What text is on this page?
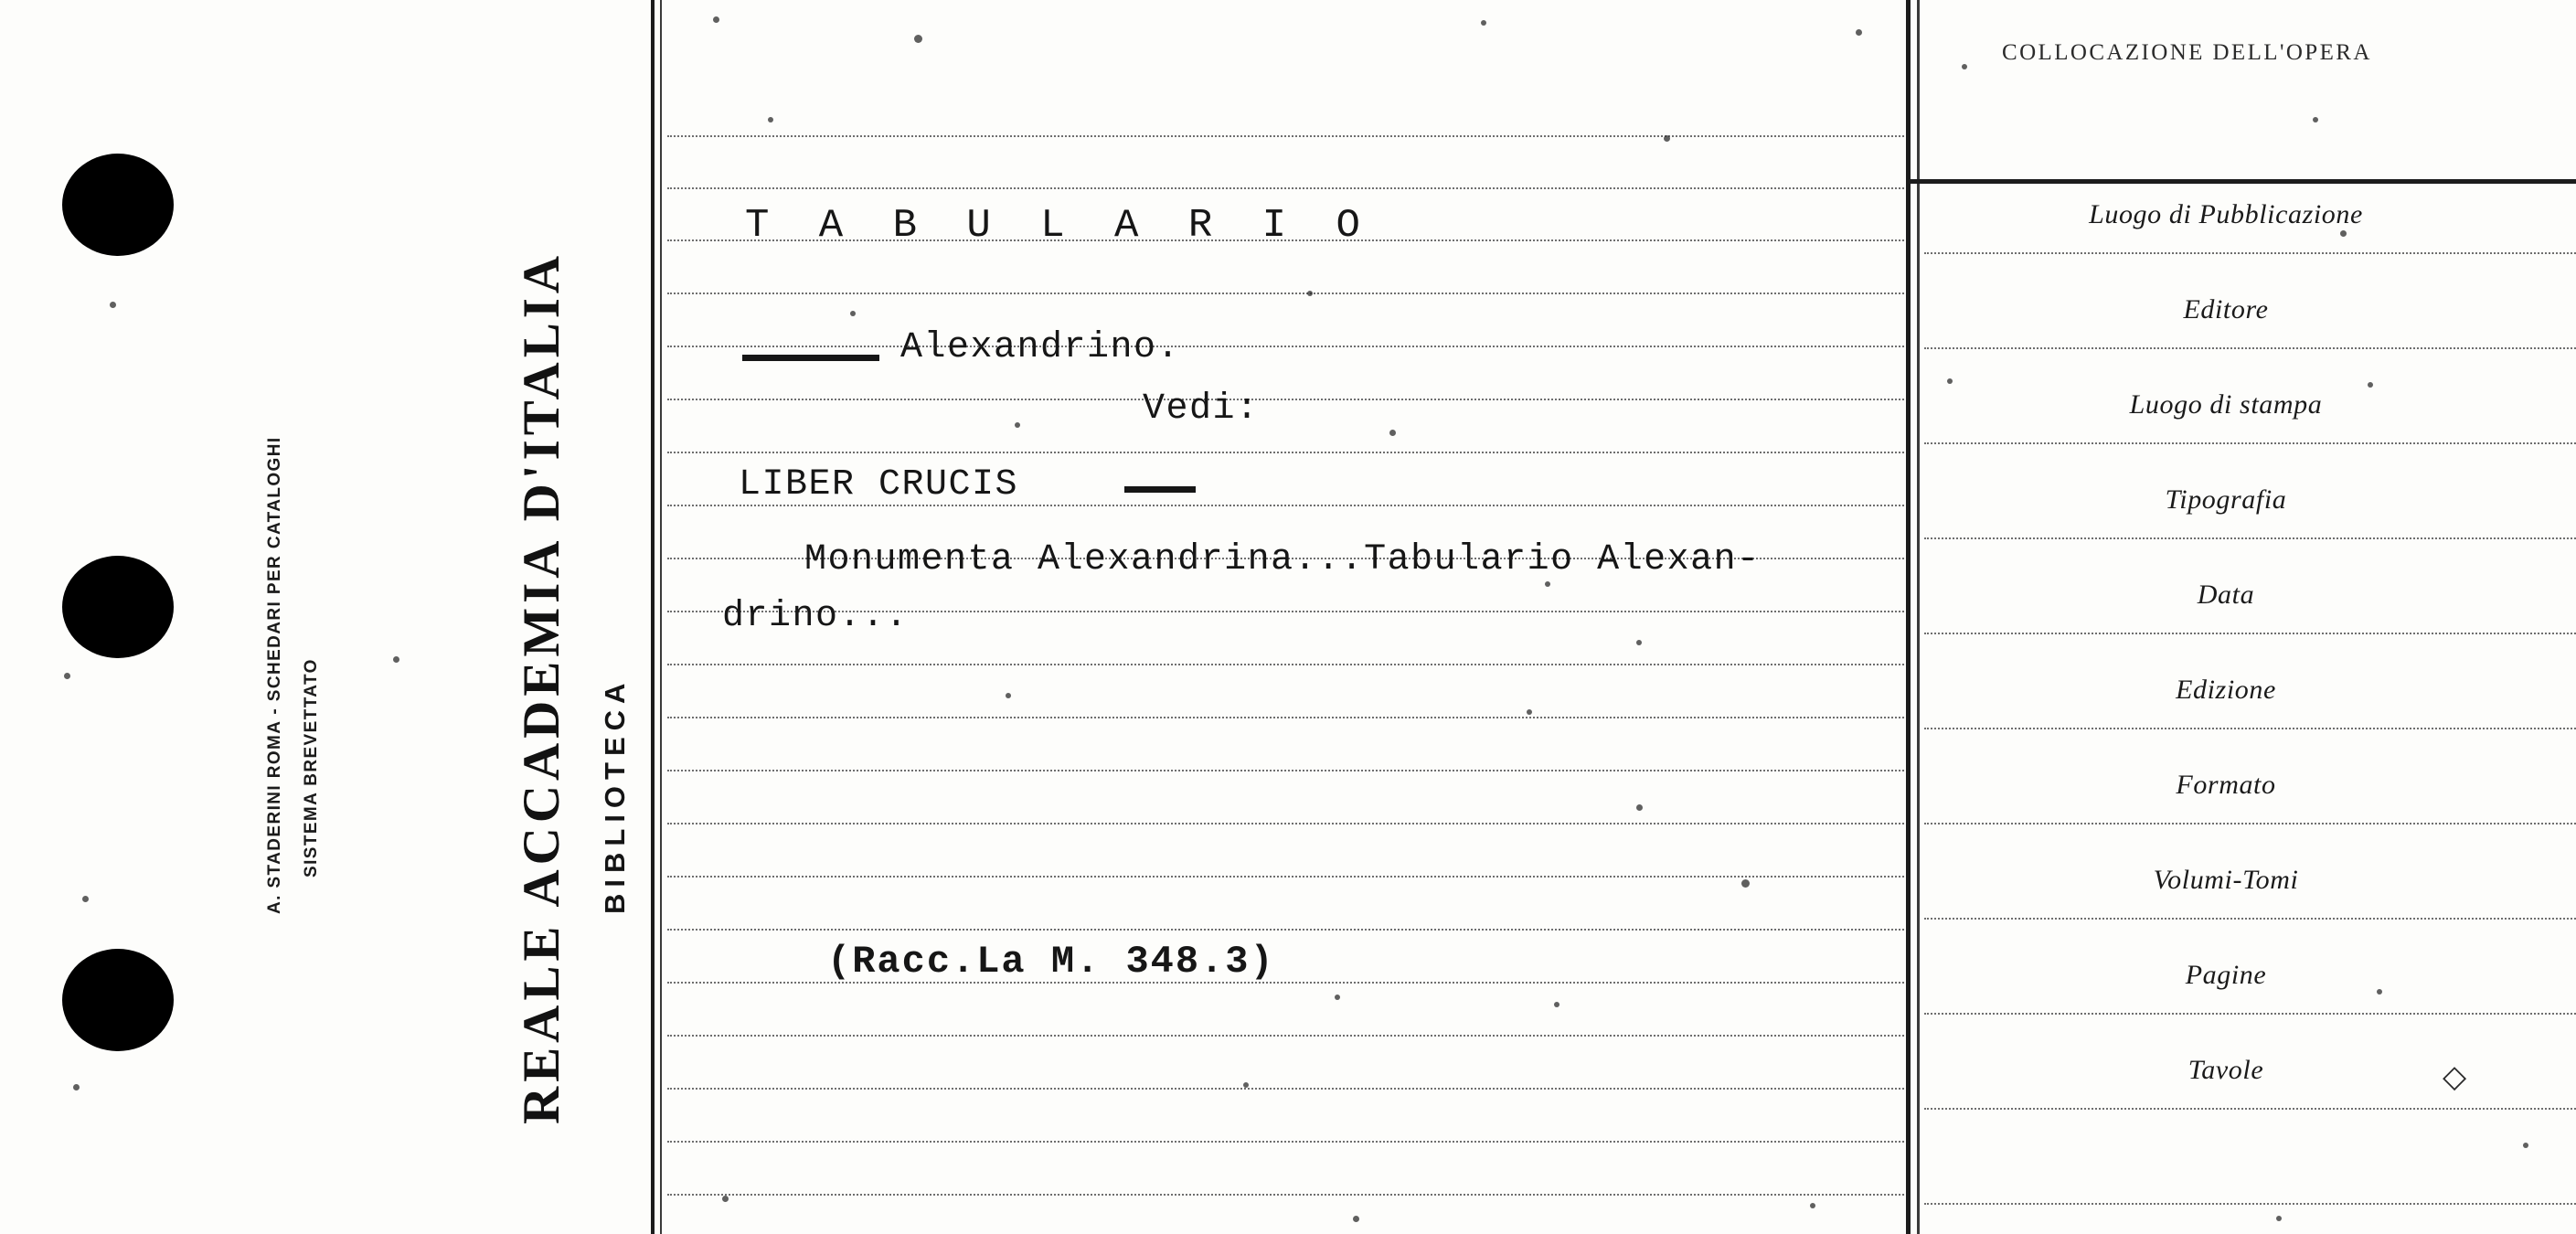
A. STADERINI ROMA - SCHEDARI PER CATALOGHI SISTEMA BREVETTATO	REALE ACCADEMIA D'ITALIA BIBLIOTECA
COLLOCAZIONE DELL'OPERA
T A B U L A R I O
Alexandrino.
Vedi:
LIBER CRUCIS
Monumenta Alexandrina...Tabulario Alexan-
drino...
(Racc.La M. 348.3)
Luogo di Pubblicazione
Editore
Luogo di stampa
Tipografia
Data
Edizione
Formato
Volumi-Tomi
Pagine
Tavole	◇
